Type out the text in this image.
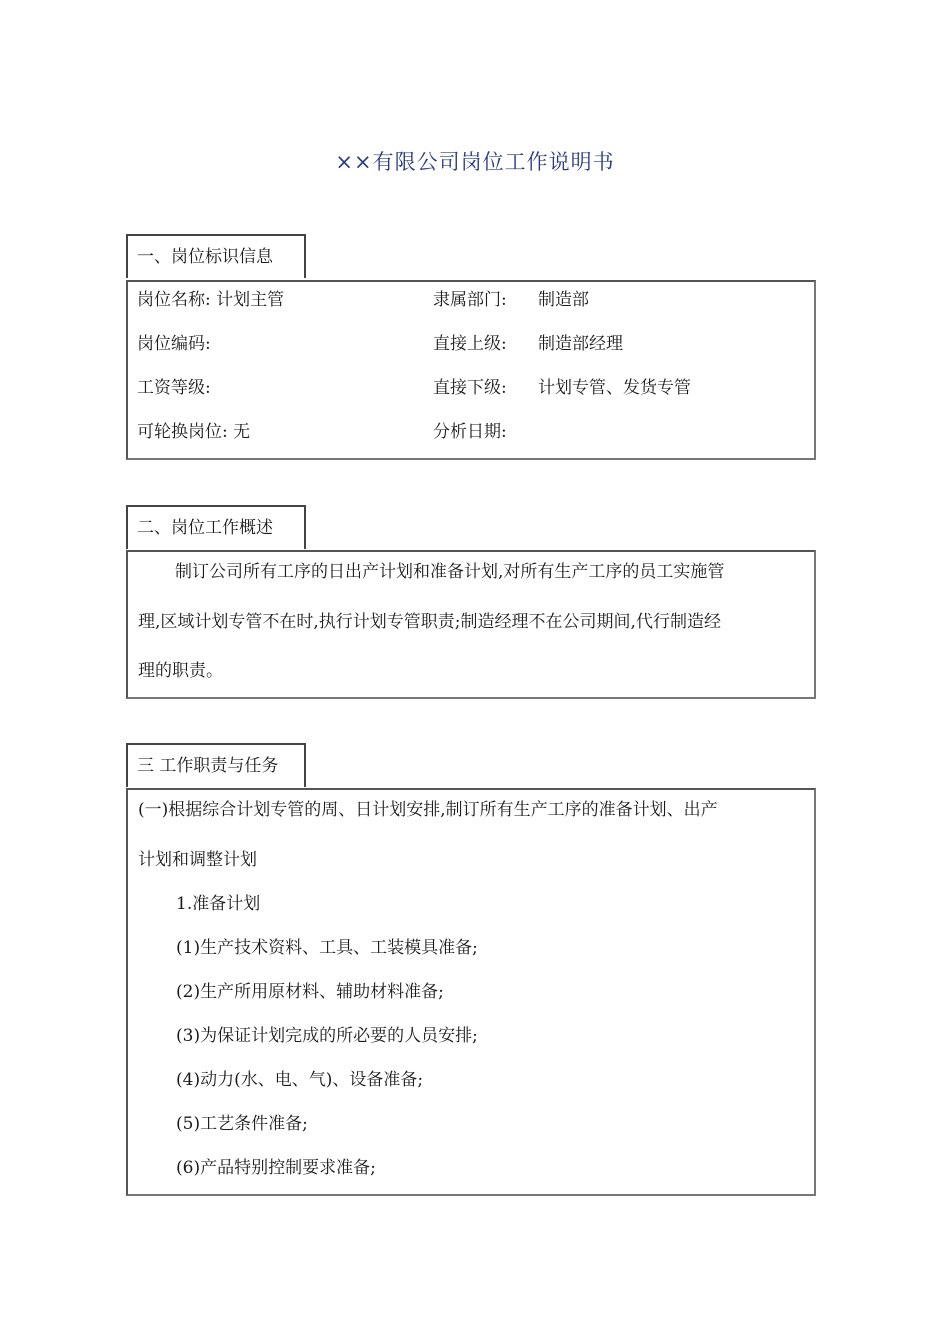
××有限公司岗位工作说明书
一、岗位标识信息
岗位名称: 计划主管
岗位编码:
工资等级:
可轮换岗位: 无
隶属部门: 制造部
直接上级: 制造部经理
直接下级: 计划专管、发货专管
分析日期:
二、岗位工作概述
制订公司所有工序的日出产计划和准备计划,对所有生产工序的员工实施管
理,区域计划专管不在时,执行计划专管职责;制造经理不在公司期间,代行制造经
理的职责。
三 工作职责与任务
(一)根据综合计划专管的周、日计划安排,制订所有生产工序的准备计划、出产
计划和调整计划
1.准备计划
(1)生产技术资料、工具、工装模具准备;
(2)生产所用原材料、辅助材料准备;
(3)为保证计划完成的所必要的人员安排;
(4)动力(水、电、气)、设备准备;
(5)工艺条件准备;
(6)产品特别控制要求准备;
